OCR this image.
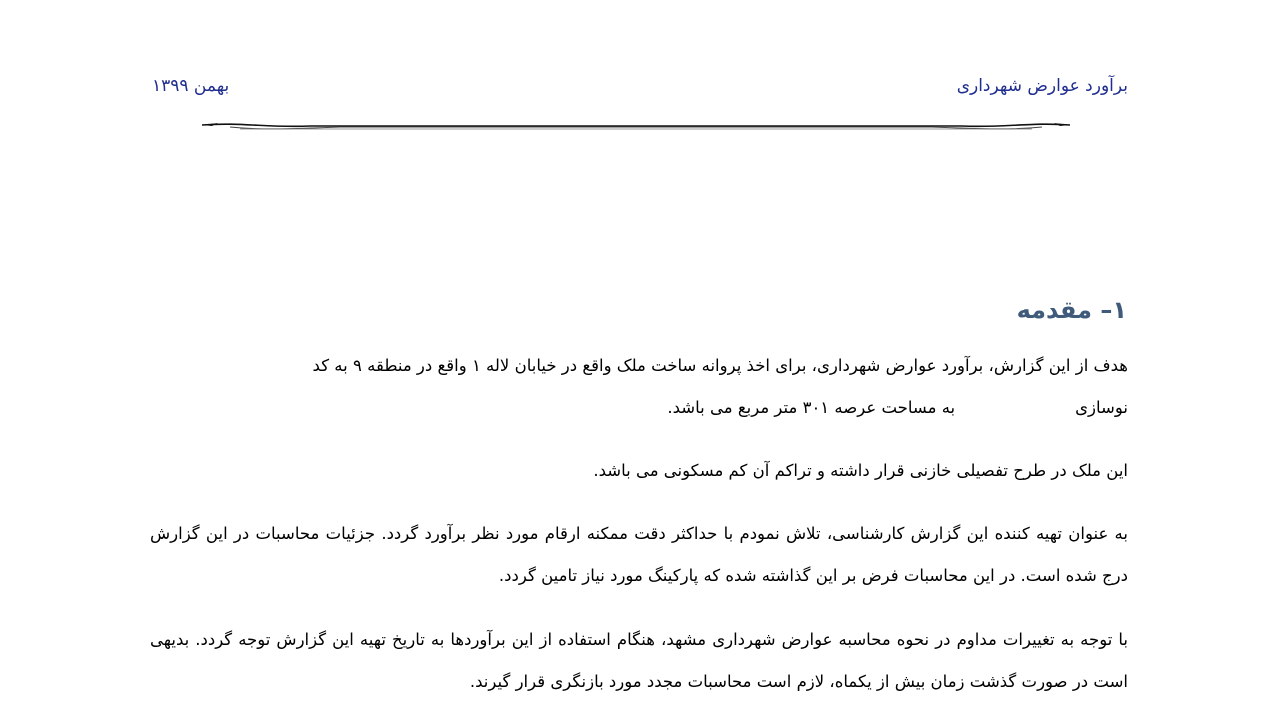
برآورد عوارض شهرداری
بهمن ۱۳۹۹
۱– مقدمه

هدف از این گزارش، برآورد عوارض شهرداری، برای اخذ پروانه ساخت ملک واقع در خیابان لاله ۱ واقع در منطقه ۹ به کد
نوسازیبه مساحت عرصه ۳۰۱ متر مربع می باشد.

این ملک در طرح تفصیلی خازنی قرار داشته و تراکم آن کم مسکونی می باشد.

به عنوان تهیه کننده این گزارش کارشناسی، تلاش نمودم با حداکثر دقت ممکنه ارقام مورد نظر برآورد گردد. جزئیات محاسبات در این گزارش درج شده است. در این محاسبات فرض بر این گذاشته شده که پارکینگ مورد نیاز تامین گردد.

با توجه به تغییرات مداوم در نحوه محاسبه عوارض شهرداری مشهد، هنگام استفاده از این برآوردها به تاریخ تهیه این گزارش توجه گردد. بدیهی است در صورت گذشت زمان بیش از یکماه، لازم است محاسبات مجدد مورد بازنگری قرار گیرند.
